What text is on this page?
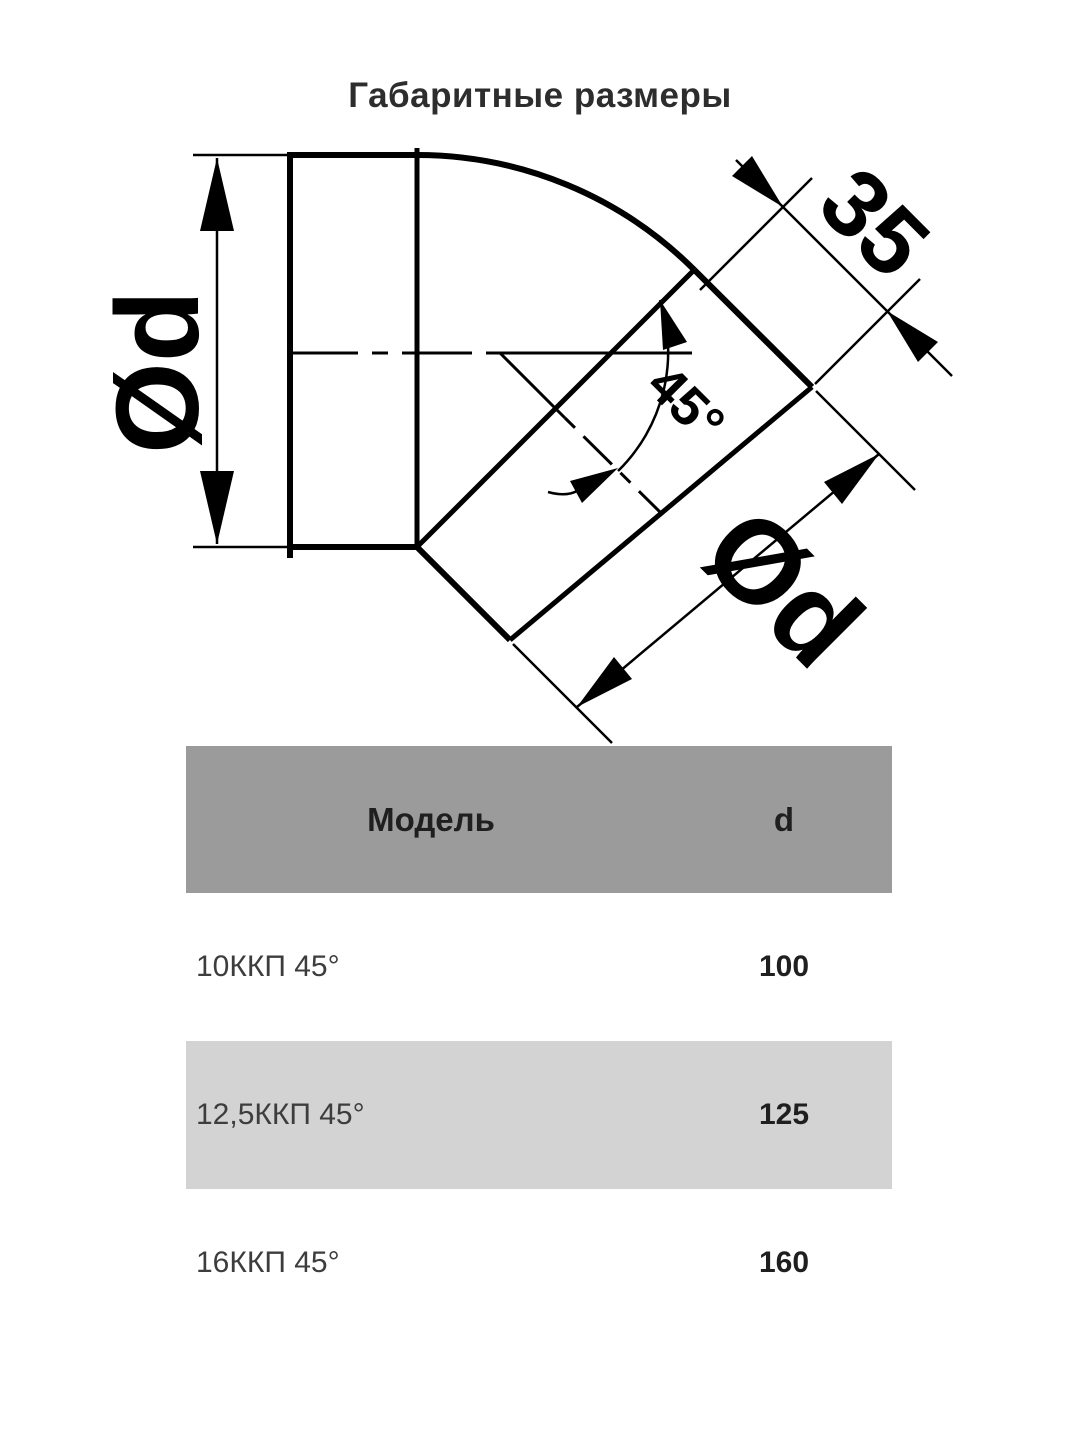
Габаритные размеры
Ød
35
45°
Ød
Модель	d
10ККП 45°	100
12,5ККП 45°	125
16ККП 45°	160
